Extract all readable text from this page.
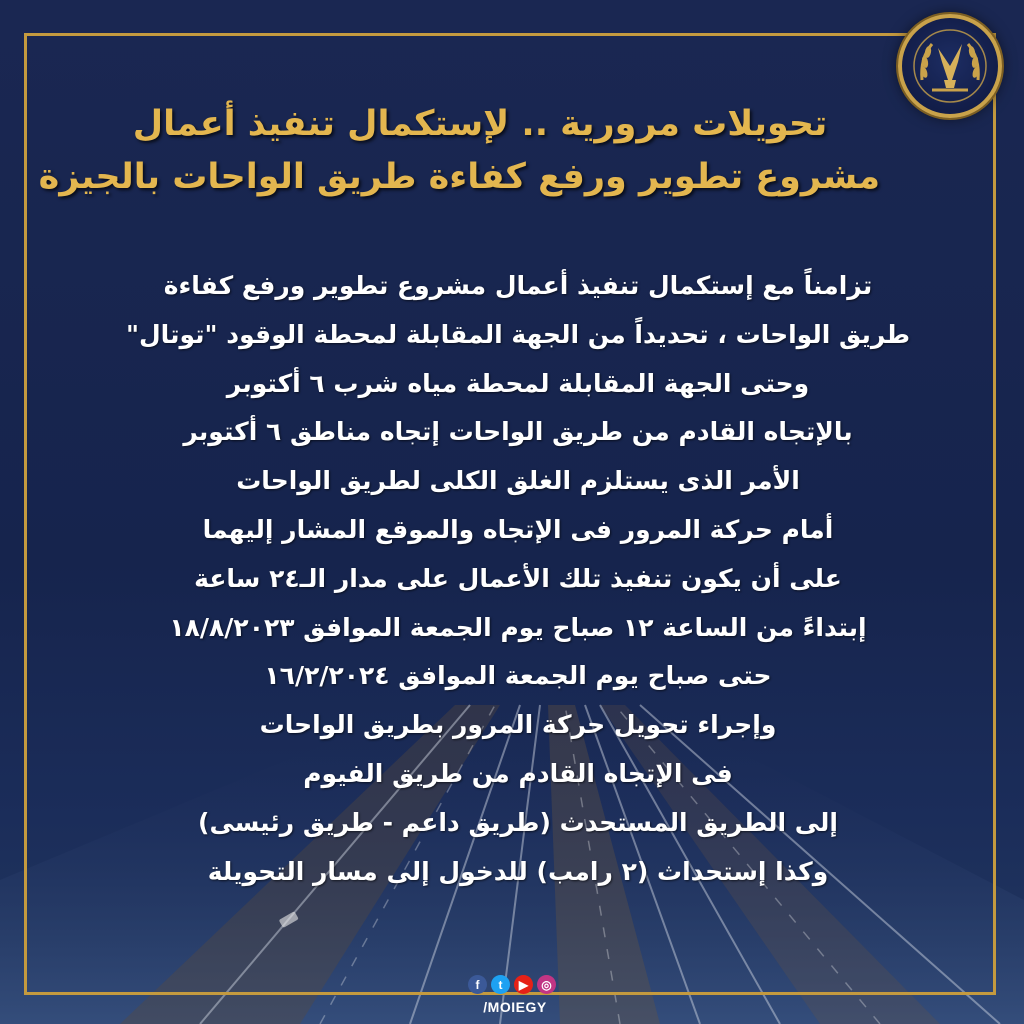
تحويلات مرورية .. لإستكمال تنفيذ أعمال
مشروع تطوير ورفع كفاءة طريق الواحات بالجيزة
تزامناً مع إستكمال تنفيذ أعمال مشروع تطوير ورفع كفاءة
طريق الواحات ، تحديداً من الجهة المقابلة لمحطة الوقود "توتال"
وحتى الجهة المقابلة لمحطة مياه شرب ٦ أكتوبر
بالإتجاه القادم من طريق الواحات إتجاه مناطق ٦ أكتوبر
الأمر الذى يستلزم الغلق الكلى لطريق الواحات
أمام حركة المرور فى الإتجاه والموقع المشار إليهما
على أن يكون تنفيذ تلك الأعمال على مدار الـ٢٤ ساعة
إبتداءً من الساعة ١٢ صباح يوم الجمعة الموافق ١٨/٨/٢٠٢٣
حتى صباح يوم الجمعة الموافق ١٦/٢/٢٠٢٤
وإجراء تحويل حركة المرور بطريق الواحات
فى الإتجاه القادم من طريق الفيوم
إلى الطريق المستحدث (طريق داعم - طريق رئيسى)
وكذا إستحداث (٢ رامب) للدخول إلى مسار التحويلة
f	t	▶	◎
/MOIEGY
